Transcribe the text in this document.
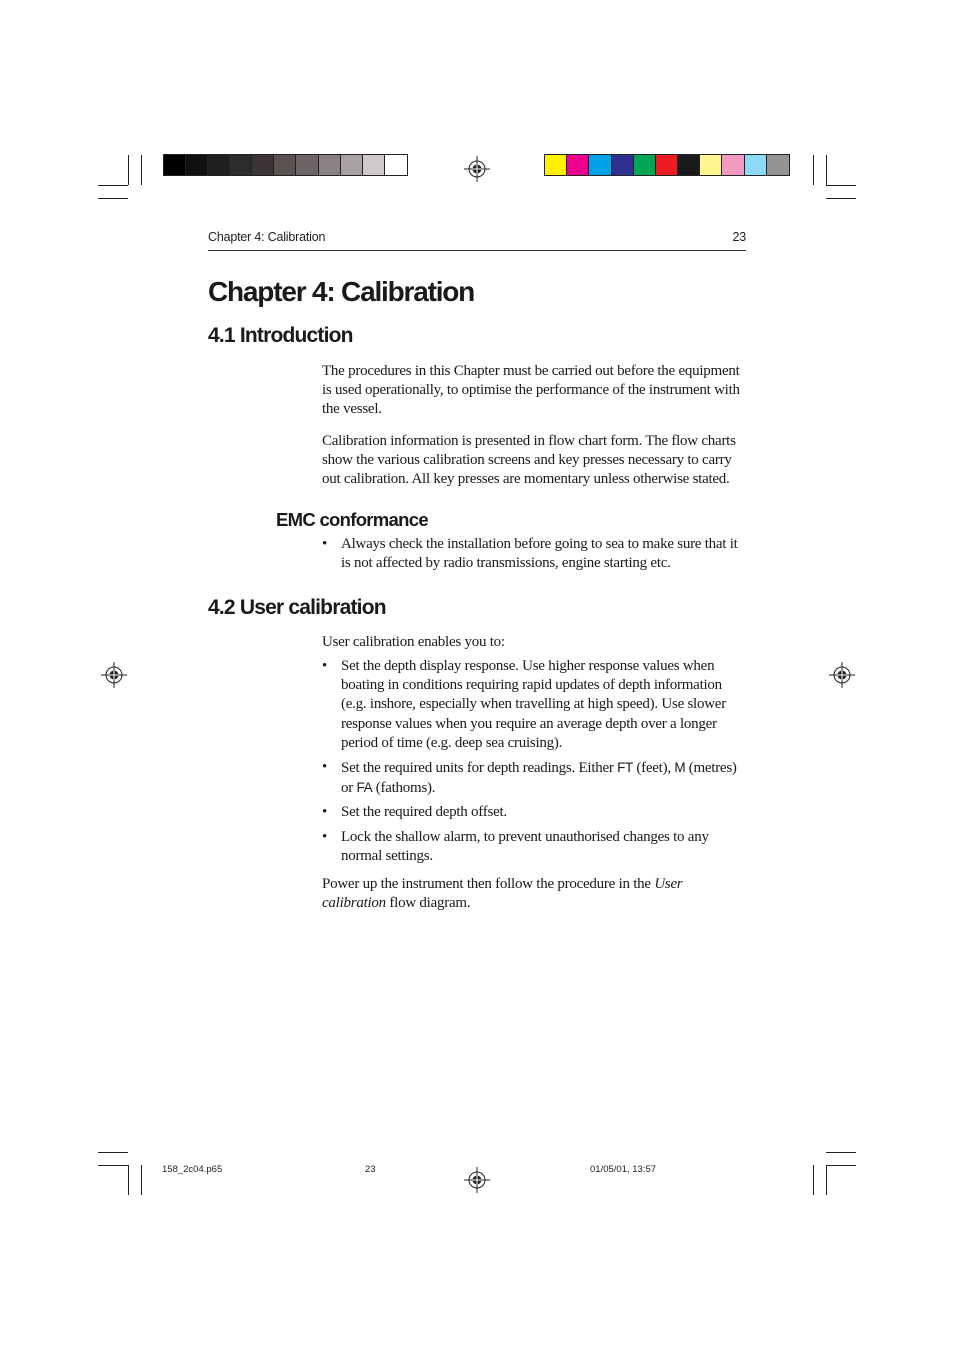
Chapter 4: Calibration	23
Chapter 4: Calibration
4.1 Introduction

The procedures in this Chapter must be carried out before the equipment is used operationally, to optimise the performance of the instrument with the vessel.

Calibration information is presented in flow chart form. The flow charts show the various calibration screens and key presses necessary to carry out calibration. All key presses are momentary unless otherwise stated.

EMC conformance
• Always check the installation before going to sea to make sure that it is not affected by radio transmissions, engine starting etc.
4.2 User calibration

User calibration enables you to:

• Set the depth display response. Use higher response values when boating in conditions requiring rapid updates of depth information (e.g. inshore, especially when travelling at high speed). Use slower response values when you require an average depth over a longer period of time (e.g. deep sea cruising).
• Set the required units for depth readings. Either FT (feet), M (metres) or FA (fathoms).
• Set the required depth offset.
• Lock the shallow alarm, to prevent unauthorised changes to any normal settings.

Power up the instrument then follow the procedure in the User calibration flow diagram.

158_2c04.p65	23	01/05/01, 13:57
